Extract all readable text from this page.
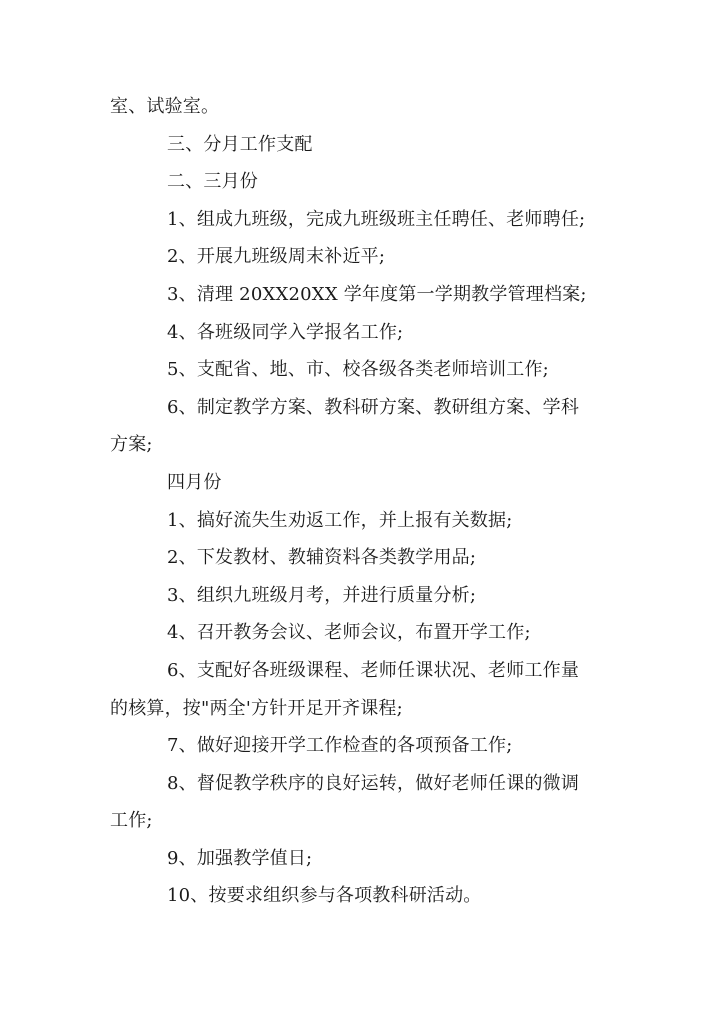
室、试验室。

三、分月工作支配

二、三月份

1、组成九班级，完成九班级班主任聘任、老师聘任;

2、开展九班级周末补近平;

3、清理 20XX20XX 学年度第一学期教学管理档案;

4、各班级同学入学报名工作;

5、支配省、地、市、校各级各类老师培训工作;

6、制定教学方案、教科研方案、教研组方案、学科

方案;

四月份

1、搞好流失生劝返工作，并上报有关数据;

2、下发教材、教辅资料各类教学用品;

3、组织九班级月考，并进行质量分析;

4、召开教务会议、老师会议，布置开学工作;

6、支配好各班级课程、老师任课状况、老师工作量

的核算，按"两全'方针开足开齐课程;

7、做好迎接开学工作检查的各项预备工作;

8、督促教学秩序的良好运转，做好老师任课的微调

工作;

9、加强教学值日;

10、按要求组织参与各项教科研活动。
